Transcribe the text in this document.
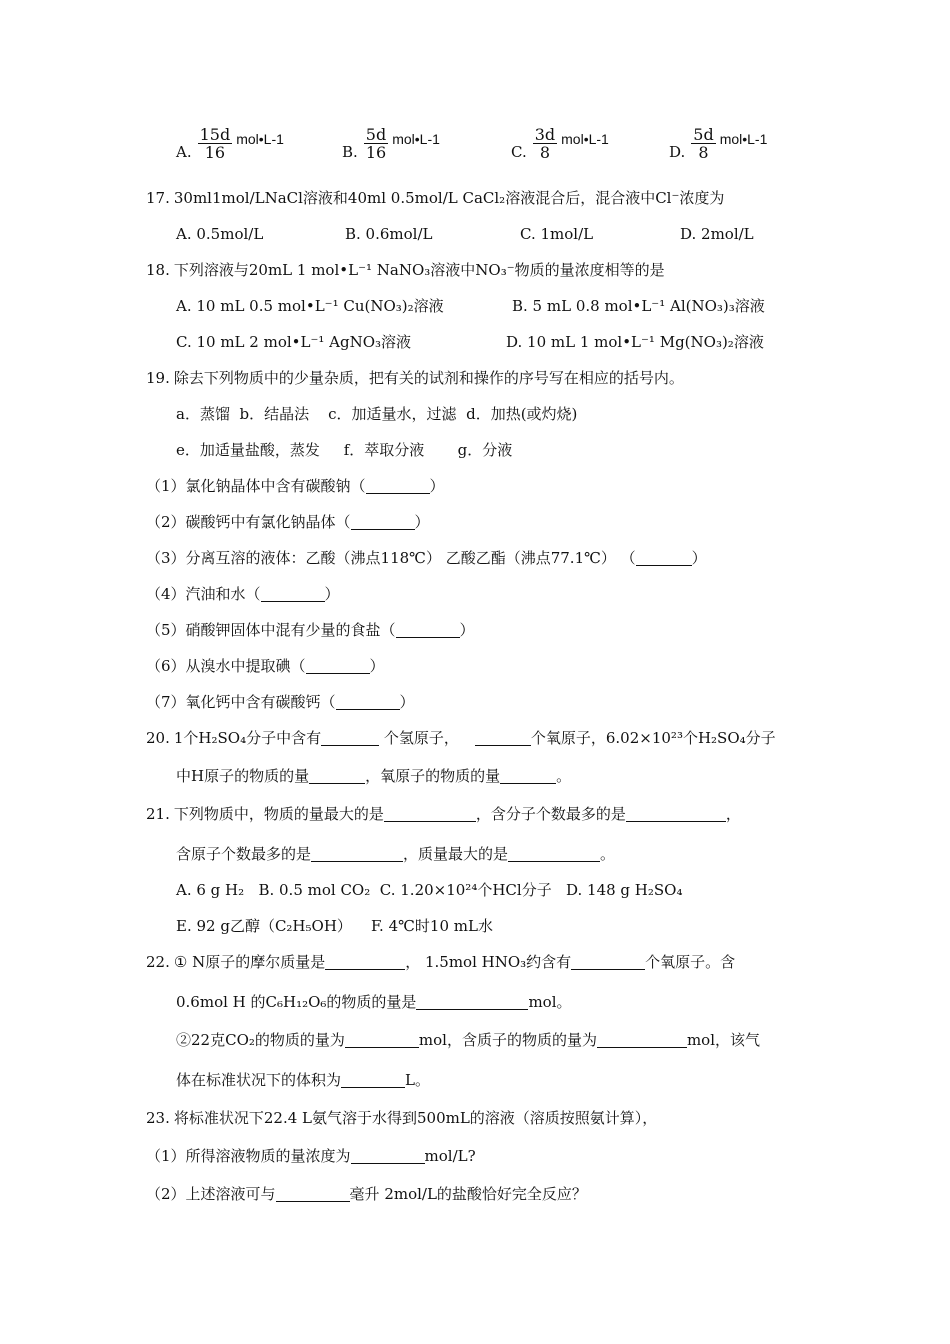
A. $\frac{15d}{16}$ mol•L-1
B. $\frac{5d}{16}$ mol•L-1
C. $\frac{3d}{8}$ mol•L-1
D. $\frac{5d}{8}$ mol•L-1
17. 30ml1mol/LNaCl溶液和40ml 0.5mol/L CaCl₂溶液混合后，混合液中Cl⁻浓度为
A. 0.5mol/L	B. 0.6mol/L	C. 1mol/L	D. 2mol/L
18. 下列溶液与20mL 1 mol•L⁻¹ NaNO₃溶液中NO₃⁻物质的量浓度相等的是
A. 10 mL 0.5 mol•L⁻¹ Cu(NO₃)₂溶液	B. 5 mL 0.8 mol•L⁻¹ Al(NO₃)₃溶液
C. 10 mL 2 mol•L⁻¹ AgNO₃溶液	D. 10 mL 1 mol•L⁻¹ Mg(NO₃)₂溶液
19. 除去下列物质中的少量杂质，把有关的试剂和操作的序号写在相应的括号内。
a．蒸馏  b．结晶法    c．加适量水，过滤  d．加热(或灼烧)
e．加适量盐酸，蒸发     f．萃取分液       g．分液
（1）氯化钠晶体中含有碳酸钠（	）
（2）碳酸钙中有氯化钠晶体（	）
（3）分离互溶的液体：乙酸（沸点118℃） 乙酸乙酯（沸点77.1℃） （	）
（4）汽油和水（	）
（5）硝酸钾固体中混有少量的食盐（	）
（6）从溴水中提取碘（	）
（7）氧化钙中含有碳酸钙（	）
20. 1个H₂SO₄分子中含有	个氢原子，	个氧原子，6.02×10²³个H₂SO₄分子
中H原子的物质的量	，氧原子的物质的量	。
21. 下列物质中，物质的量最大的是	，含分子个数最多的是	，
含原子个数最多的是	，质量最大的是	。
A. 6 g H₂   B. 0.5 mol CO₂  C. 1.20×10²⁴个HCl分子   D. 148 g H₂SO₄
E. 92 g乙醇（C₂H₅OH）    F. 4℃时10 mL水
22. ① N原子的摩尔质量是	， 1.5mol HNO₃约含有	个氧原子。含
0.6mol H 的C₆H₁₂O₆的物质的量是	mol。
②22克CO₂的物质的量为	mol，含质子的物质的量为	mol，该气
体在标准状况下的体积为	L。
23. 将标准状况下22.4 L氨气溶于水得到500mL的溶液（溶质按照氨计算），
（1）所得溶液物质的量浓度为	mol/L?
（2）上述溶液可与	毫升 2mol/L的盐酸恰好完全反应？
